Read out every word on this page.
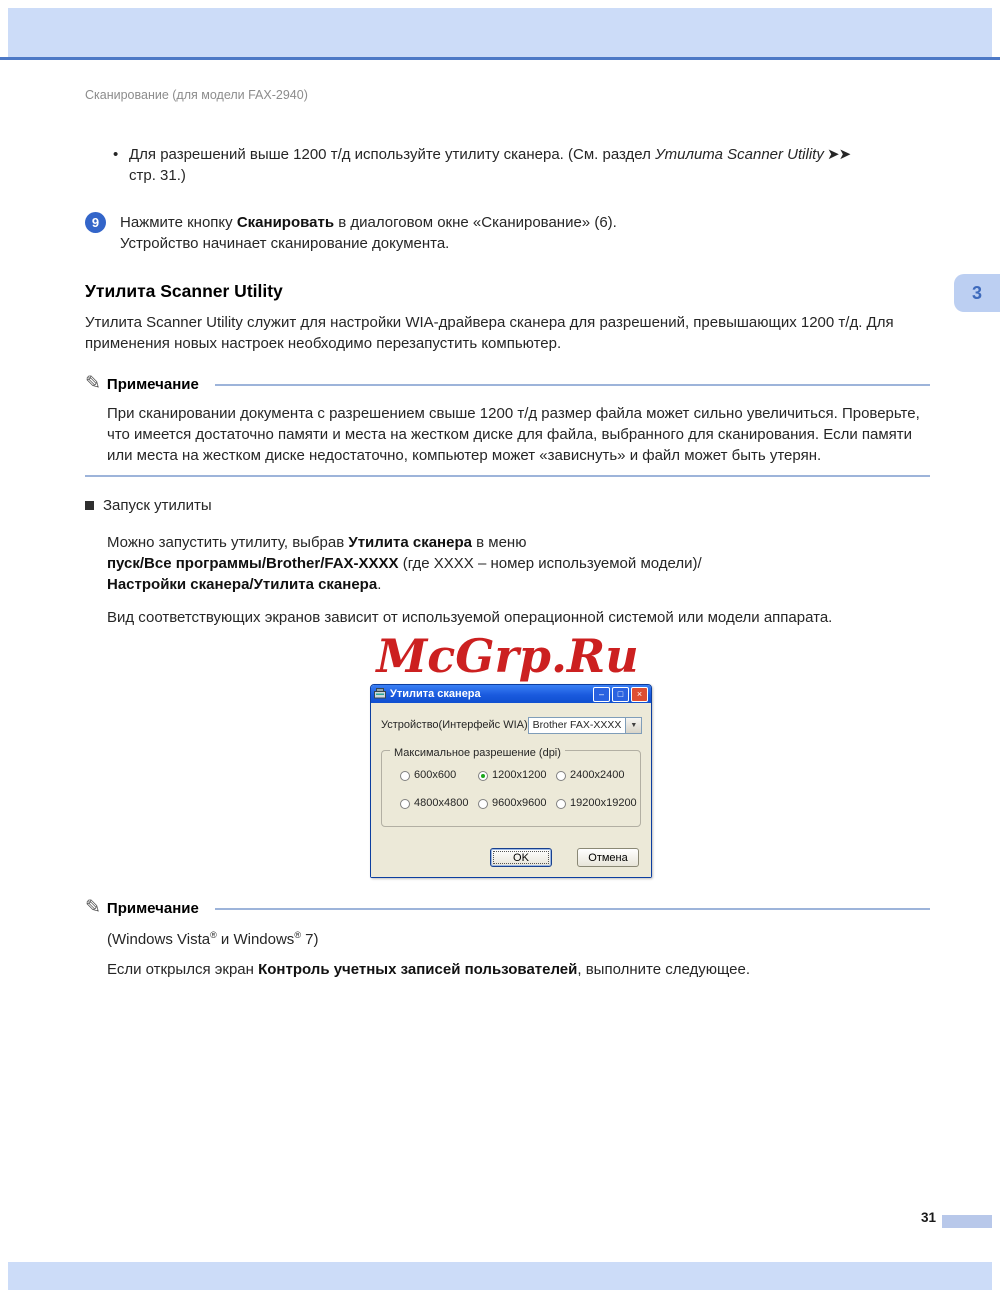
Сканирование (для модели FAX-2940)
3
• Для разрешений выше 1200 т/д используйте утилиту сканера. (См. раздел Утилита Scanner Utility ➤➤ стр. 31.)
9	Нажмите кнопку Сканировать в диалоговом окне «Сканирование» (6).
Устройство начинает сканирование документа.
Утилита Scanner Utility

Утилита Scanner Utility служит для настройки WIA-драйвера сканера для разрешений, превышающих 1200 т/д. Для применения новых настроек необходимо перезапустить компьютер.

✎ Примечание

При сканировании документа с разрешением свыше 1200 т/д размер файла может сильно увеличиться. Проверьте, что имеется достаточно памяти и места на жестком диске для файла, выбранного для сканирования. Если памяти или места на жестком диске недостаточно, компьютер может «зависнуть» и файл может быть утерян.

Запуск утилиты

Можно запустить утилиту, выбрав Утилита сканера в меню
пуск/Все программы/Brother/FAX-XXXX (где XXXX – номер используемой модели)/
Настройки сканера/Утилита сканера.

Вид соответствующих экранов зависит от используемой операционной системой или модели аппарата.

McGrp.Ru
Утилита сканера	–	□	×
Устройство(Интерфейс WIA) Brother FAX-XXXX	▼
Максимальное разрешение (dpi)
600x600	1200x1200 2400x2400
4800x4800 9600x9600 19200x19200
OK	Отмена
✎ Примечание

(Windows Vista® и Windows® 7)

Если открылся экран Контроль учетных записей пользователей, выполните следующее.

31
